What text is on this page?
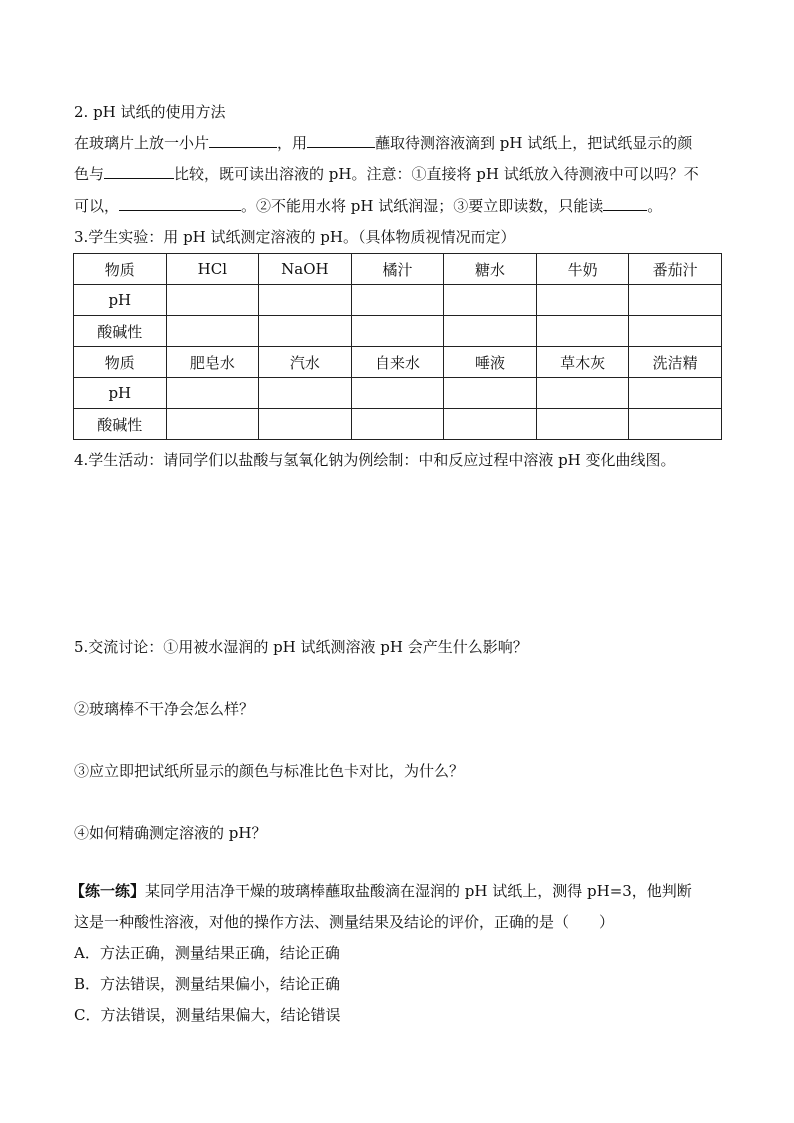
2. pH 试纸的使用方法
在玻璃片上放一小片	，用	蘸取待测溶液滴到 pH 试纸上，把试纸显示的颜
色与	比较，既可读出溶液的 pH。注意：①直接将 pH 试纸放入待测液中可以吗？不
可以，	。②不能用水将 pH 试纸润湿；③要立即读数，只能读	。
3.学生实验：用 pH 试纸测定溶液的 pH。（具体物质视情况而定）
物质	HCl	NaOH	橘汁	糖水	牛奶	番茄汁
pH						
酸碱性						
物质	肥皂水	汽水	自来水	唾液	草木灰	洗洁精
pH						
酸碱性						
4.学生活动：请同学们以盐酸与氢氧化钠为例绘制：中和反应过程中溶液 pH 变化曲线图。
5.交流讨论：①用被水湿润的 pH 试纸测溶液 pH 会产生什么影响？
②玻璃棒不干净会怎么样？
③应立即把试纸所显示的颜色与标准比色卡对比，为什么？
④如何精确测定溶液的 pH？
【练一练】某同学用洁净干燥的玻璃棒蘸取盐酸滴在湿润的 pH 试纸上，测得 pH=3，他判断
这是一种酸性溶液，对他的操作方法、测量结果及结论的评价，正确的是（　　）
A．方法正确，测量结果正确，结论正确
B．方法错误，测量结果偏小，结论正确
C．方法错误，测量结果偏大，结论错误
